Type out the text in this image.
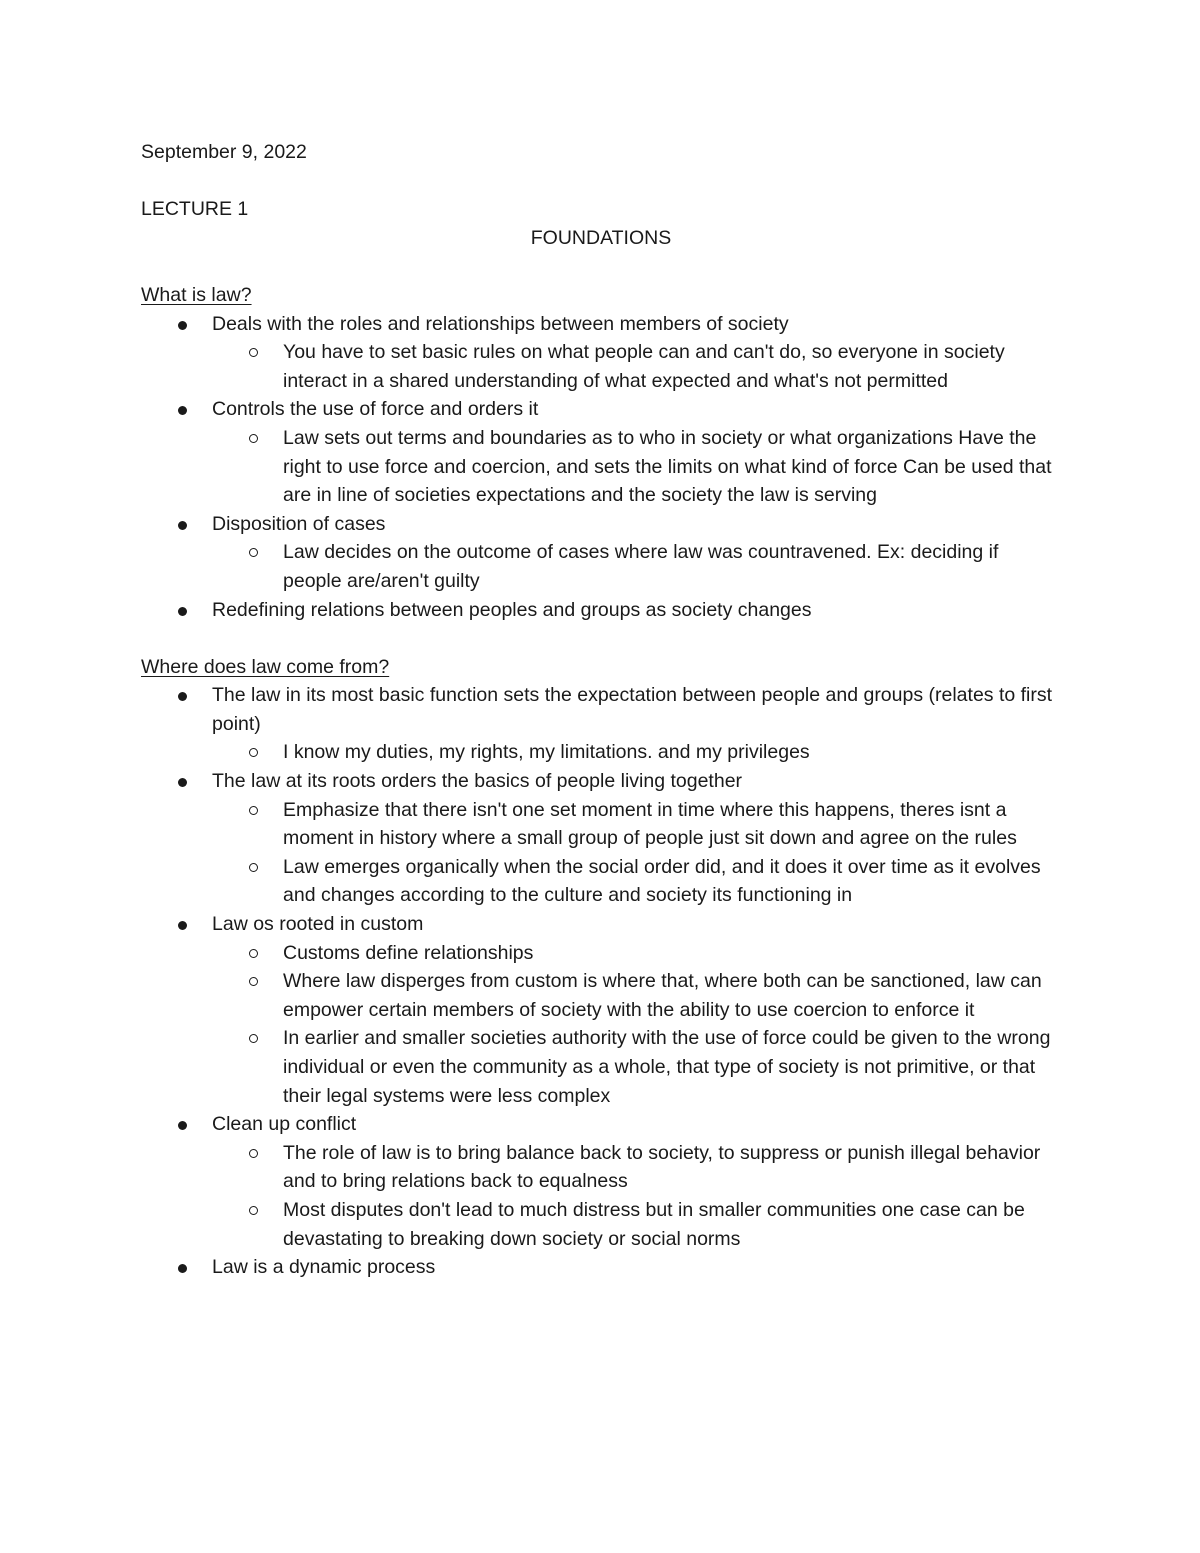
September 9, 2022

LECTURE 1

FOUNDATIONS

What is law?

Deals with the roles and relationships between members of society
You have to set basic rules on what people can and can't do, so everyone in society interact in a shared understanding of what expected and what's not permitted
Controls the use of force and orders it
Law sets out terms and boundaries as to who in society or what organizations Have the right to use force and coercion, and sets the limits on what kind of force Can be used that are in line of societies expectations and the society the law is serving
Disposition of cases
Law decides on the outcome of cases where law was countravened. Ex: deciding if people are/aren't guilty
Redefining relations between peoples and groups as society changes

Where does law come from?

The law in its most basic function sets the expectation between people and groups (relates to first point)
I know my duties, my rights, my limitations. and my privileges
The law at its roots orders the basics of people living together
Emphasize that there isn't one set moment in time where this happens, theres isnt a moment in history where a small group of people just sit down and agree on the rules
Law emerges organically when the social order did, and it does it over time as it evolves and changes according to the culture and society its functioning in
Law os rooted in custom
Customs define relationships
Where law disperges from custom is where that, where both can be sanctioned, law can empower certain members of society with the ability to use coercion to enforce it
In earlier and smaller societies authority with the use of force could be given to the wrong individual or even the community as a whole, that type of society is not primitive, or that their legal systems were less complex
Clean up conflict
The role of law is to bring balance back to society, to suppress or punish illegal behavior and to bring relations back to equalness
Most disputes don't lead to much distress but in smaller communities one case can be devastating to breaking down society or social norms
Law is a dynamic process
